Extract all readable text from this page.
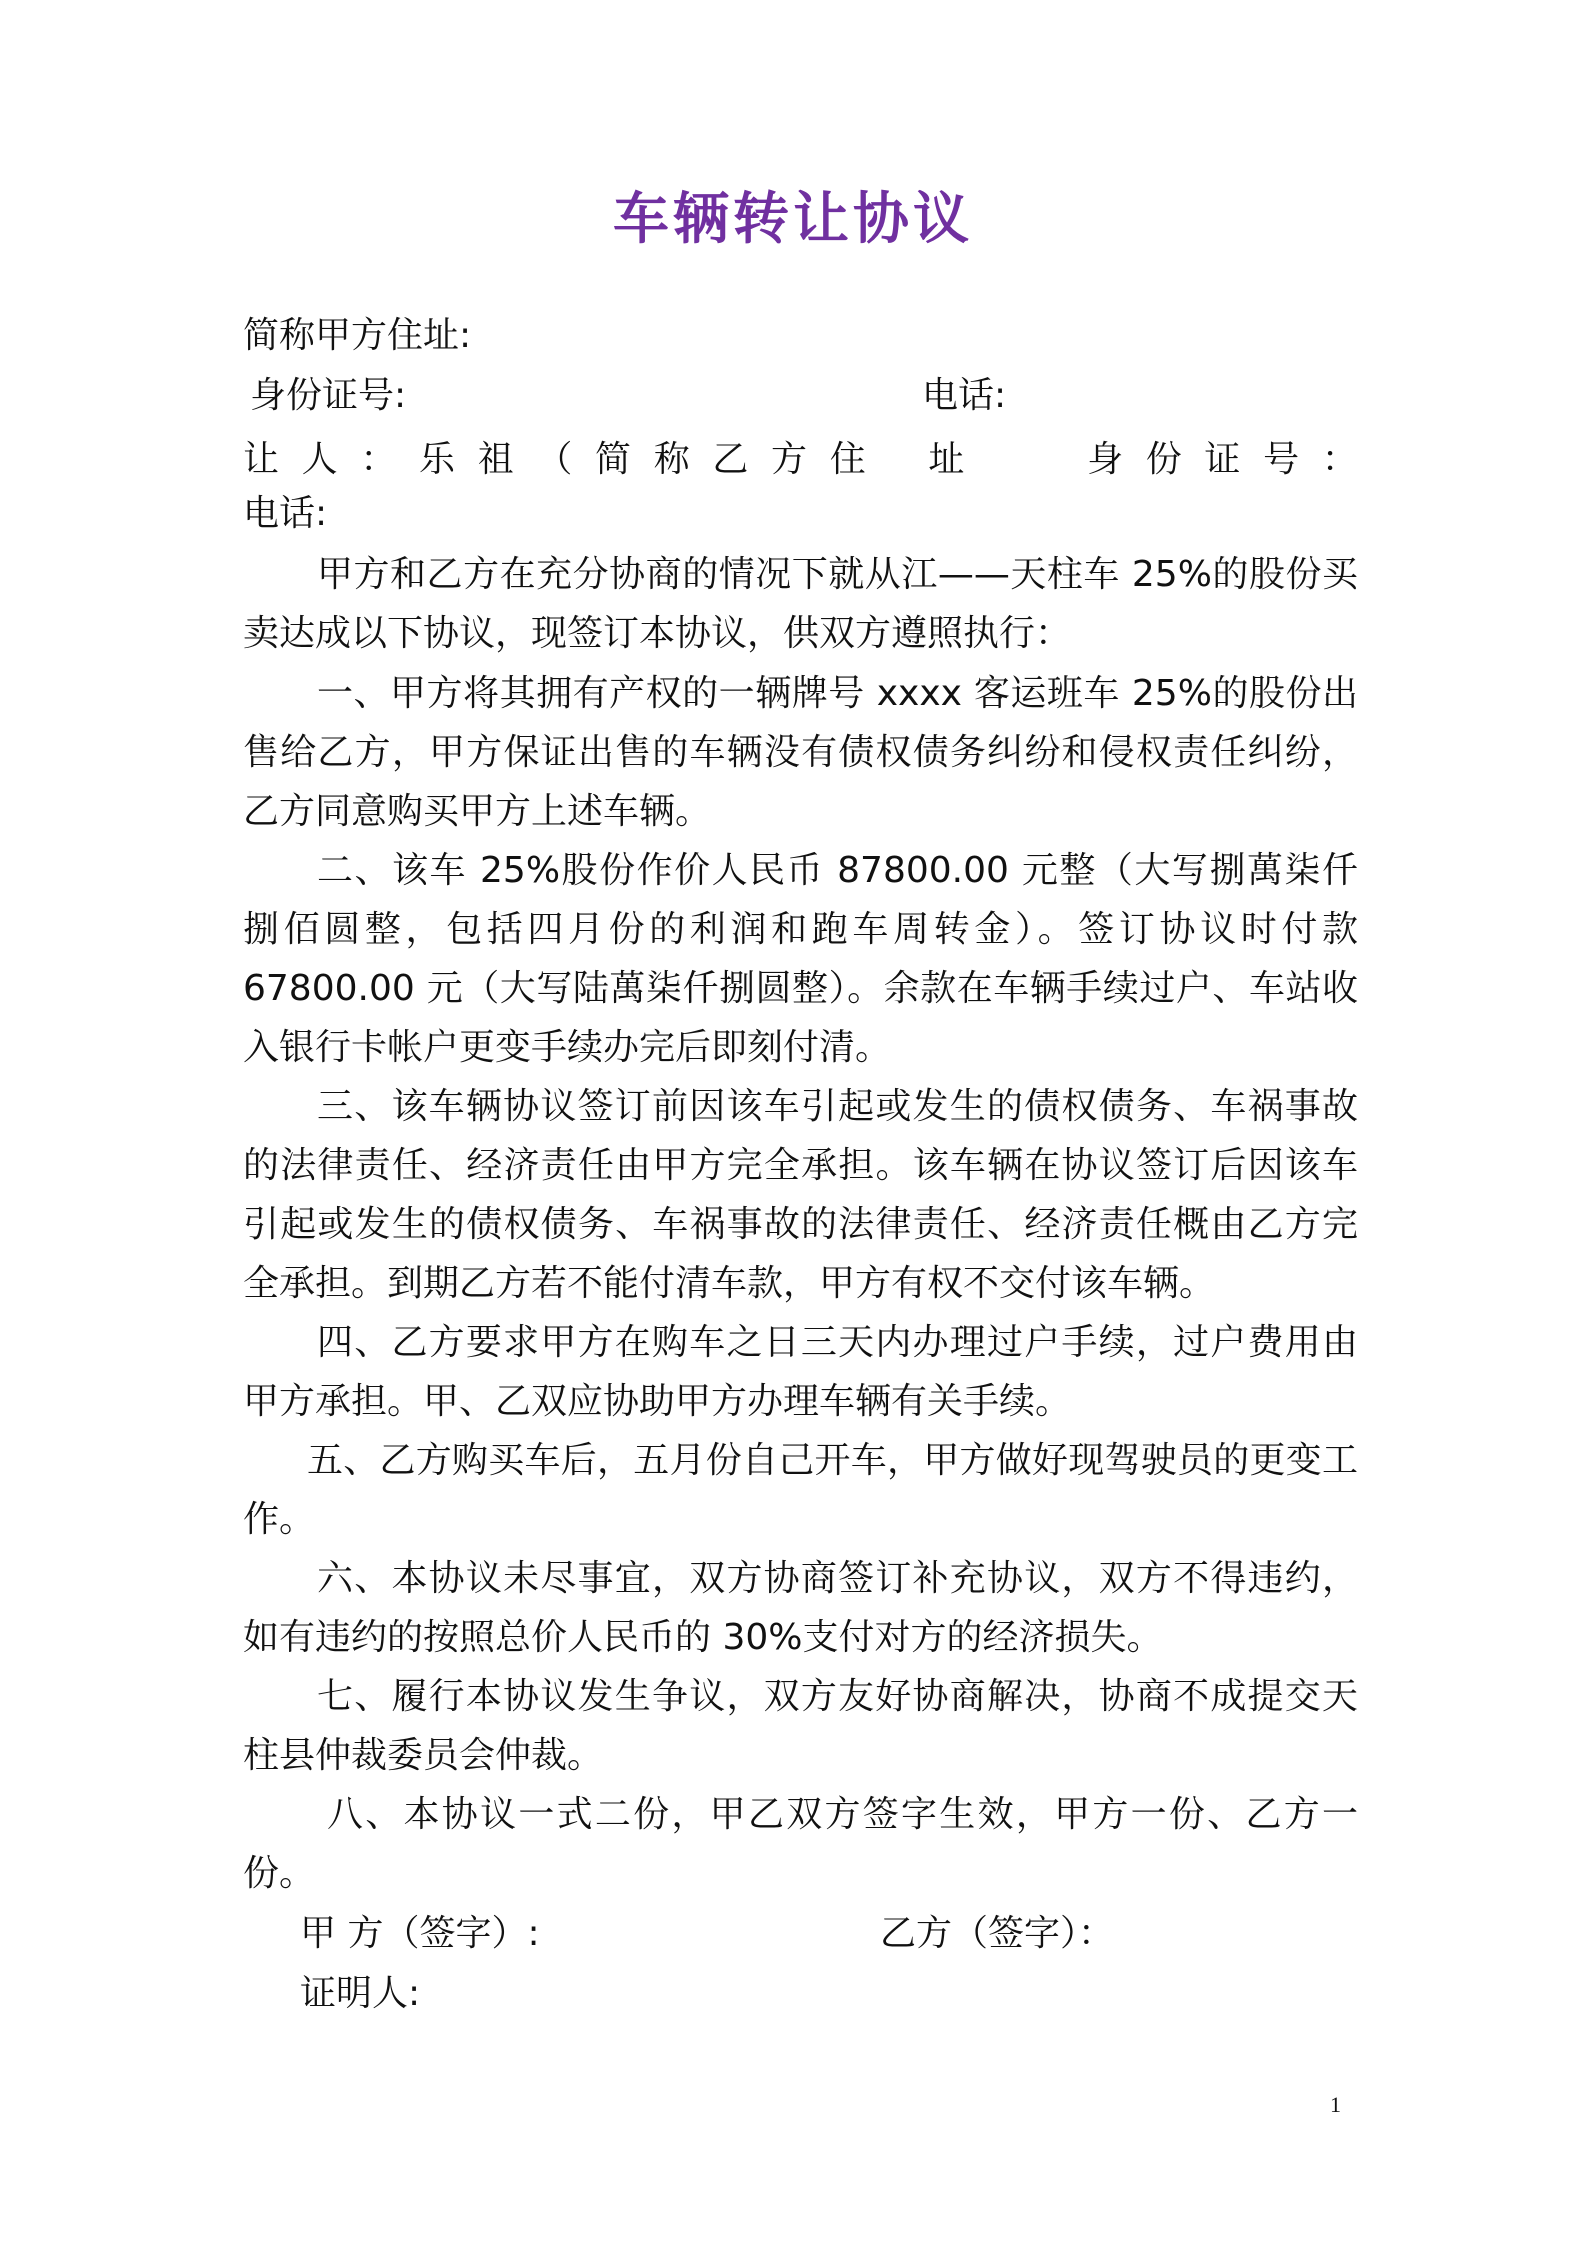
车辆转让协议
简称甲方住址:
身份证号:	电话:
让 人 ： 乐 祖 （ 简 称 乙 方 住 址	身 份 证 号 ：
电话:
甲方和乙方在充分协商的情况下就从江——天柱车 25%的股份买卖达成以下协议，现签订本协议，供双方遵照执行：
一、甲方将其拥有产权的一辆牌号 xxxx 客运班车 25%的股份出售给乙方，甲方保证出售的车辆没有债权债务纠纷和侵权责任纠纷，乙方同意购买甲方上述车辆。
二、该车 25%股份作价人民币 87800.00 元整（大写捌萬柒仟捌佰圆整，包括四月份的利润和跑车周转金）。签订协议时付款 67800.00 元（大写陆萬柒仟捌圆整）。余款在车辆手续过户、车站收入银行卡帐户更变手续办完后即刻付清。
三、该车辆协议签订前因该车引起或发生的债权债务、车祸事故的法律责任、经济责任由甲方完全承担。该车辆在协议签订后因该车引起或发生的债权债务、车祸事故的法律责任、经济责任概由乙方完全承担。到期乙方若不能付清车款，甲方有权不交付该车辆。
四、乙方要求甲方在购车之日三天内办理过户手续，过户费用由甲方承担。甲、乙双应协助甲方办理车辆有关手续。
五、乙方购买车后，五月份自己开车，甲方做好现驾驶员的更变工作。
六、本协议未尽事宜，双方协商签订补充协议，双方不得违约，如有违约的按照总价人民币的 30%支付对方的经济损失。
七、履行本协议发生争议，双方友好协商解决，协商不成提交天柱县仲裁委员会仲裁。
八、本协议一式二份，甲乙双方签字生效，甲方一份、乙方一份。
甲 方（签字）:	乙方（签字）：
证明人:
1
